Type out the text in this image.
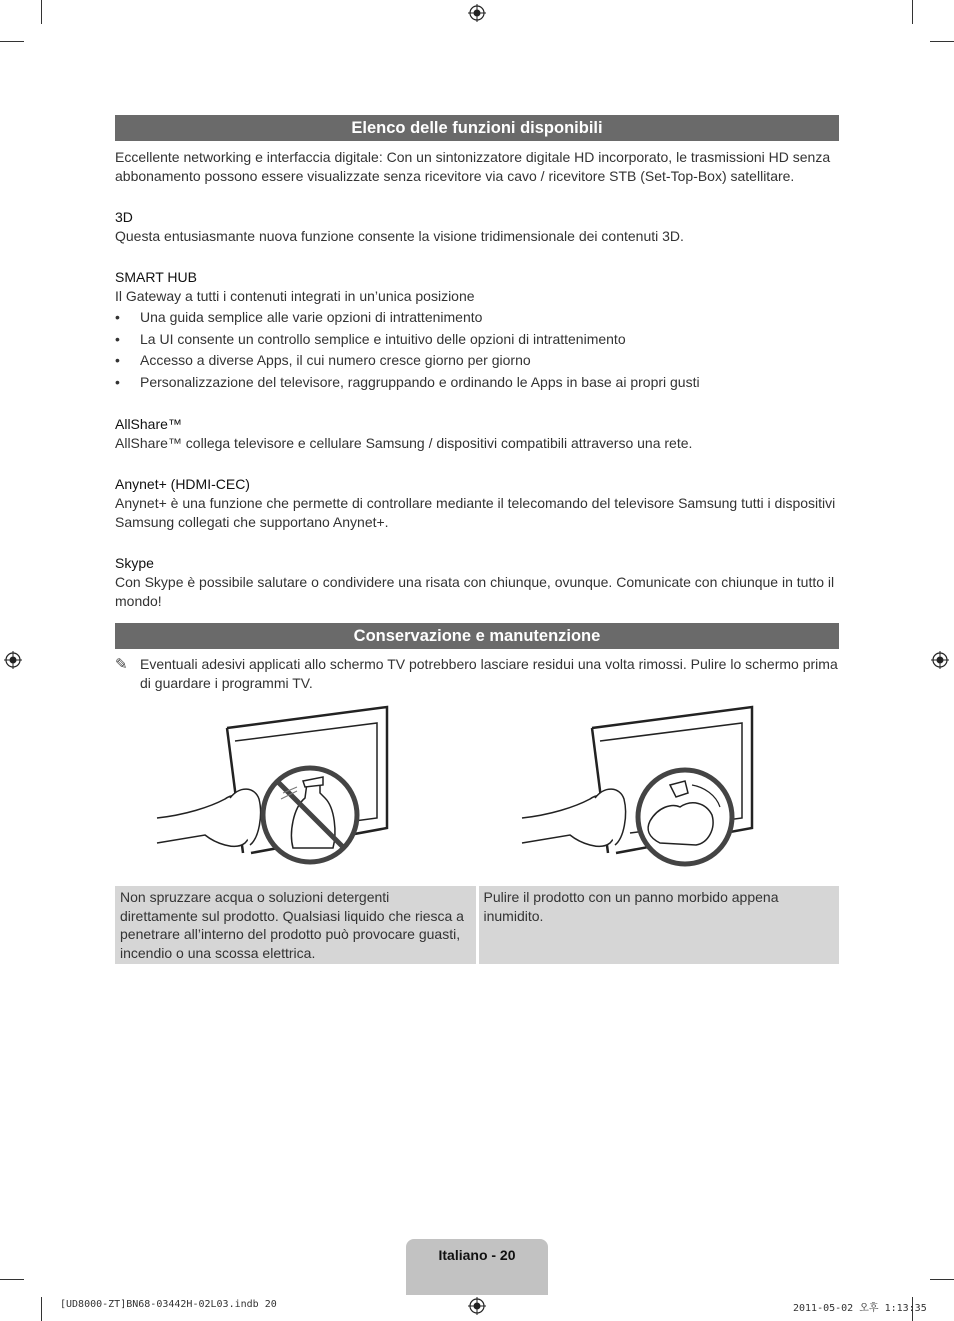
Elenco delle funzioni disponibili

Eccellente networking e interfaccia digitale: Con un sintonizzatore digitale HD incorporato, le trasmissioni HD senza abbonamento possono essere visualizzate senza ricevitore via cavo / ricevitore STB (Set-Top-Box) satellitare.

3D

Questa entusiasmante nuova funzione consente la visione tridimensionale dei contenuti 3D.

SMART HUB

Il Gateway a tutti i contenuti integrati in un’unica posizione

• Una guida semplice alle varie opzioni di intrattenimento
• La UI consente un controllo semplice e intuitivo delle opzioni di intrattenimento
• Accesso a diverse Apps, il cui numero cresce giorno per giorno
• Personalizzazione del televisore, raggruppando e ordinando le Apps in base ai propri gusti

AllShare™

AllShare™ collega televisore e cellulare Samsung / dispositivi compatibili attraverso una rete.

Anynet+ (HDMI-CEC)

Anynet+ è una funzione che permette di controllare mediante il telecomando del televisore Samsung tutti i dispositivi Samsung collegati che supportano Anynet+.

Skype

Con Skype è possibile salutare o condividere una risata con chiunque, ovunque. Comunicate con chiunque in tutto il mondo!

Conservazione e manutenzione

✎ Eventuali adesivi applicati allo schermo TV potrebbero lasciare residui una volta rimossi. Pulire lo schermo prima di guardare i programmi TV.

Non spruzzare acqua o soluzioni detergenti direttamente sul prodotto. Qualsiasi liquido che riesca a penetrare all’interno del prodotto può provocare guasti, incendio o una scossa elettrica.
Pulire il prodotto con un panno morbido appena inumidito.
Italiano - 20
[UD8000-ZT]BN68-03442H-02L03.indb 20	2011-05-02 오후 1:13:35
